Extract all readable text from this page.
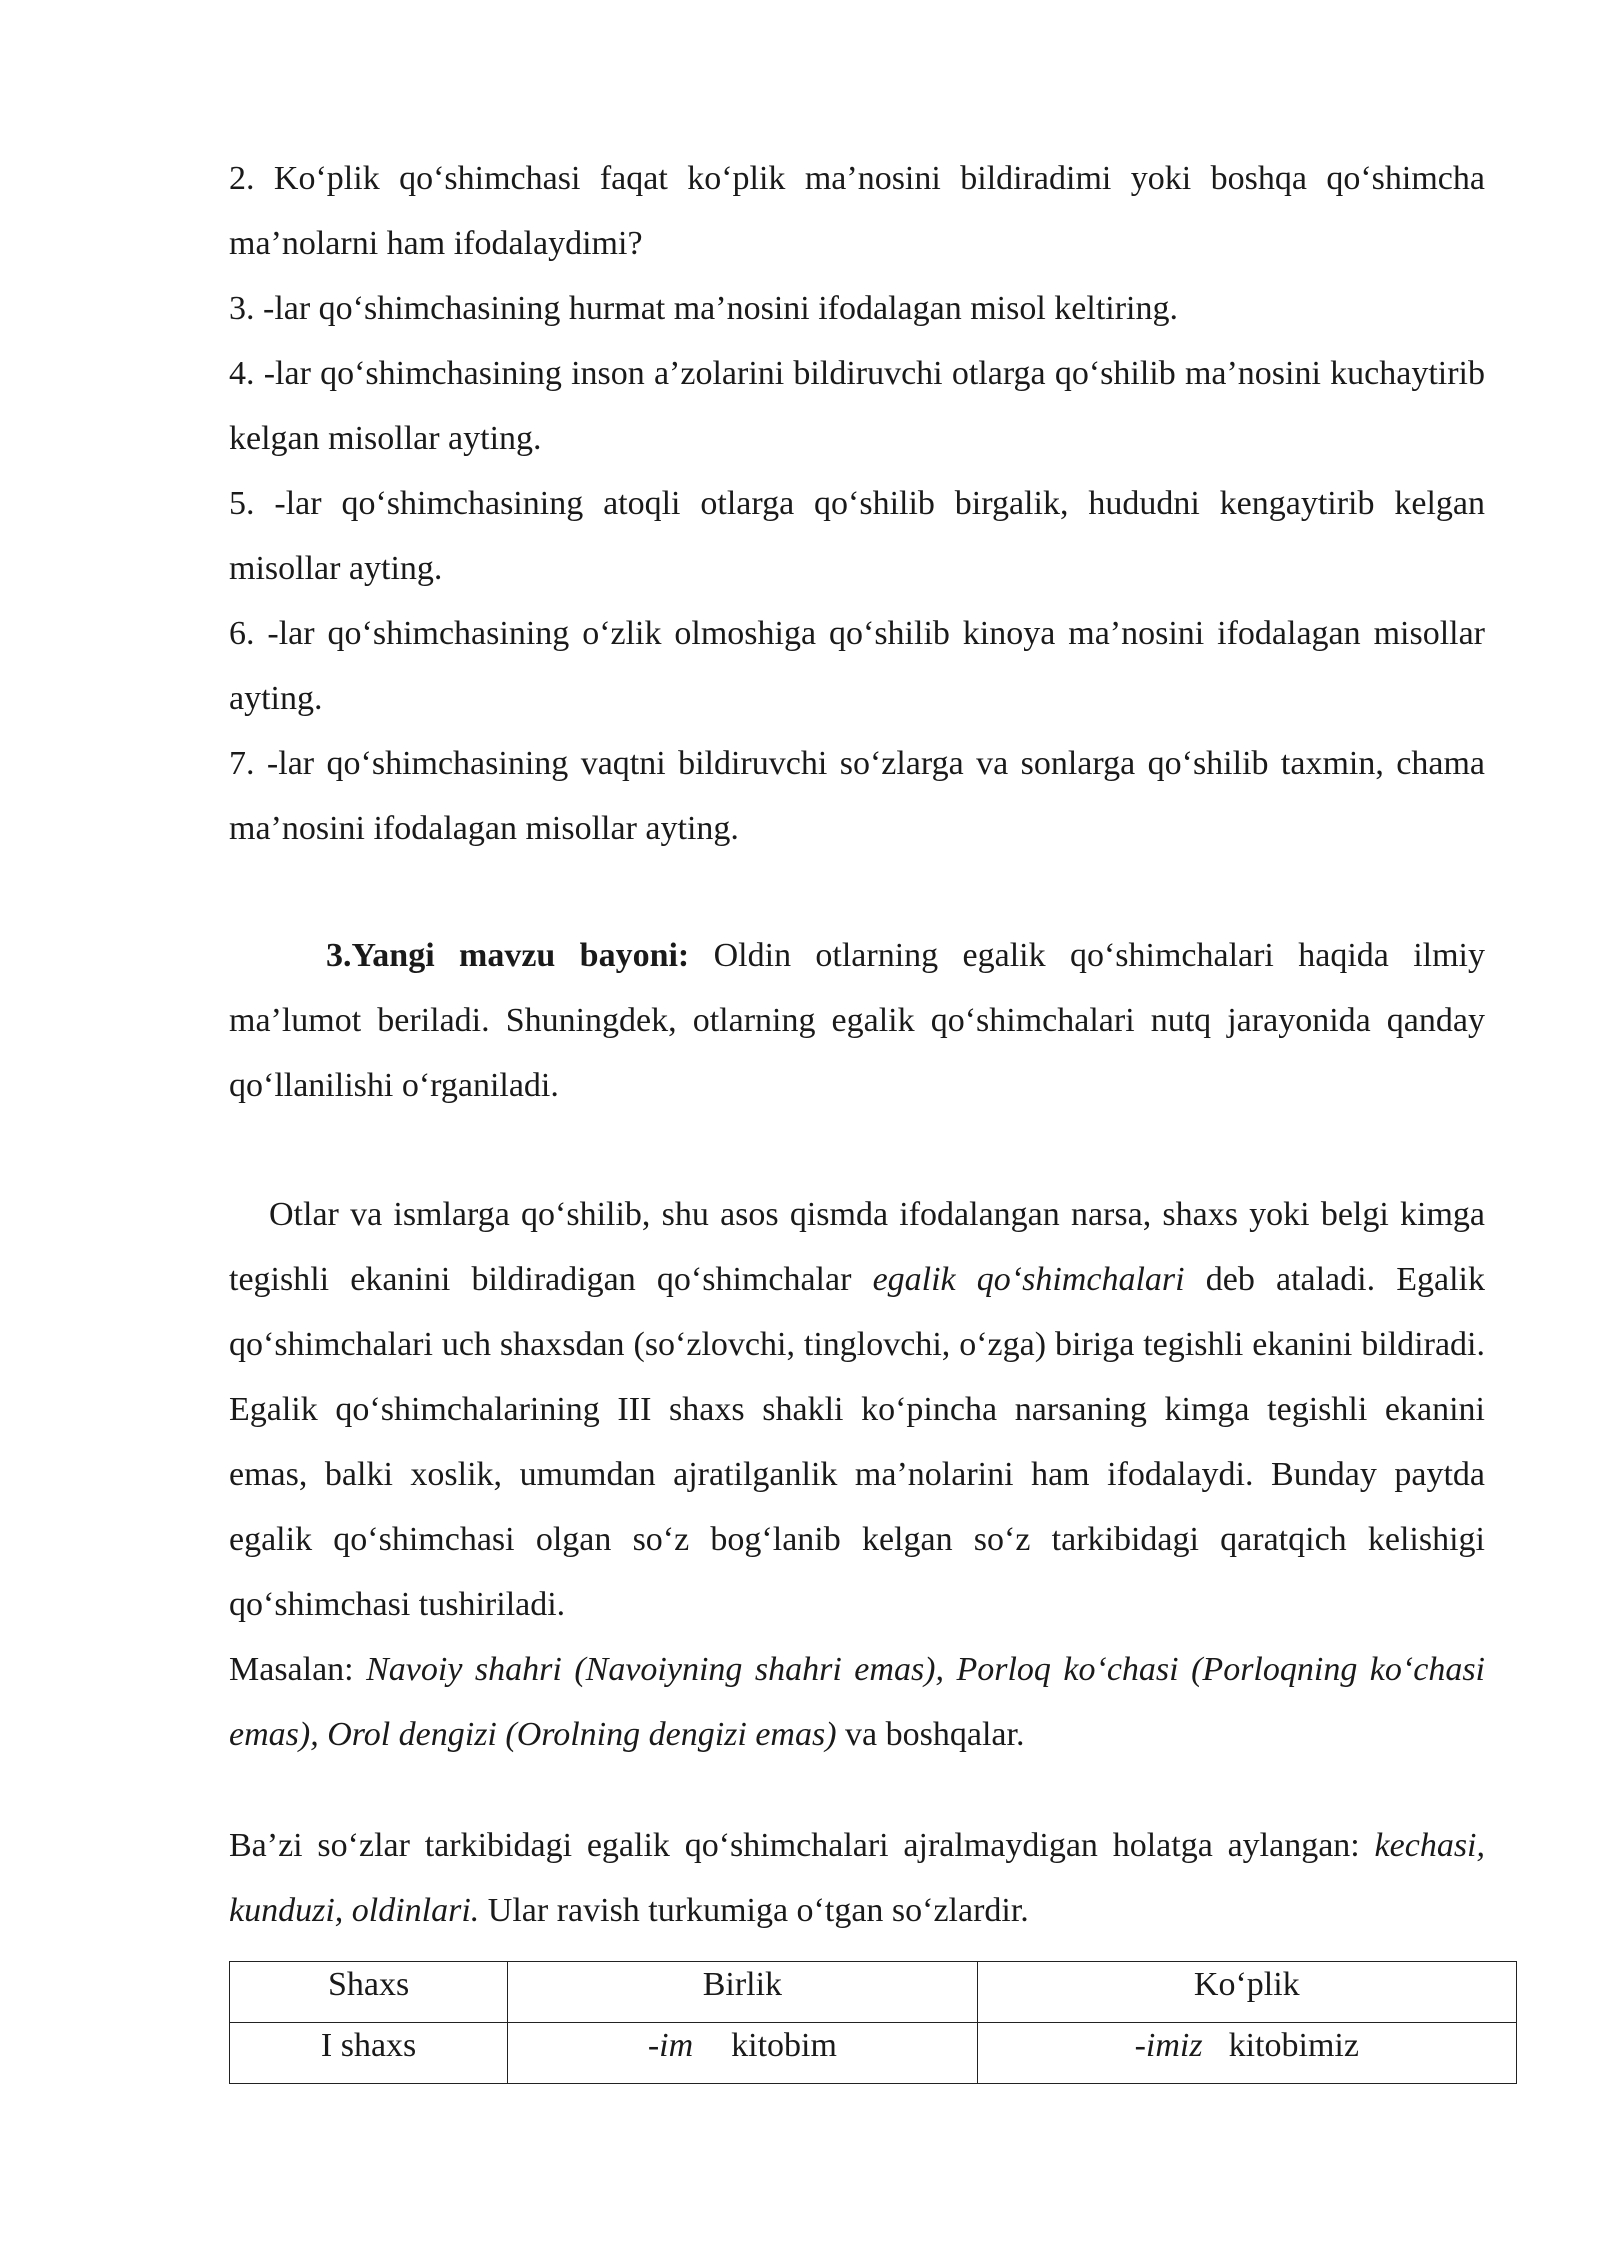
2. Ko‘plik qo‘shimchasi faqat ko‘plik ma’nosini bildiradimi yoki boshqa qo‘shimcha ma’nolarni ham ifodalaydimi?

3. -lar qo‘shimchasining hurmat ma’nosini ifodalagan misol keltiring.

4. -lar qo‘shimchasining inson a’zolarini bildiruvchi otlarga qo‘shilib ma’nosini kuchaytirib kelgan misollar ayting.

5. -lar qo‘shimchasining atoqli otlarga qo‘shilib birgalik, hududni kengaytirib kelgan misollar ayting.

6. -lar qo‘shimchasining o‘zlik olmoshiga qo‘shilib kinoya ma’nosini ifodalagan misollar ayting.

7. -lar qo‘shimchasining vaqtni bildiruvchi so‘zlarga va sonlarga qo‘shilib taxmin, chama ma’nosini ifodalagan misollar ayting.

3.Yangi mavzu bayoni: Oldin otlarning egalik qo‘shimchalari haqida ilmiy ma’lumot beriladi. Shuningdek, otlarning egalik qo‘shimchalari nutq jarayonida qanday qo‘llanilishi o‘rganiladi.

Otlar va ismlarga qo‘shilib, shu asos qismda ifodalangan narsa, shaxs yoki belgi kimga tegishli ekanini bildiradigan qo‘shimchalar egalik qo‘shimchalari deb ataladi. Egalik qo‘shimchalari uch shaxsdan (so‘zlovchi, tinglovchi, o‘zga) biriga tegishli ekanini bildiradi. Egalik qo‘shimchalarining III shaxs shakli ko‘pincha narsaning kimga tegishli ekanini emas, balki xoslik, umumdan ajratilganlik ma’nolarini ham ifodalaydi. Bunday paytda egalik qo‘shimchasi olgan so‘z bog‘lanib kelgan so‘z tarkibidagi qaratqich kelishigi qo‘shimchasi tushiriladi.

Masalan: Navoiy shahri (Navoiyning shahri emas), Porloq ko‘chasi (Porloqning ko‘chasi emas), Orol dengizi (Orolning dengizi emas) va boshqalar.

Ba’zi so‘zlar tarkibidagi egalik qo‘shimchalari ajralmaydigan holatga aylangan: kechasi, kunduzi, oldinlari. Ular ravish turkumiga o‘tgan so‘zlardir.

Shaxs	Birlik	Ko‘plik
I shaxs	-im kitobim	-imiz kitobimiz
